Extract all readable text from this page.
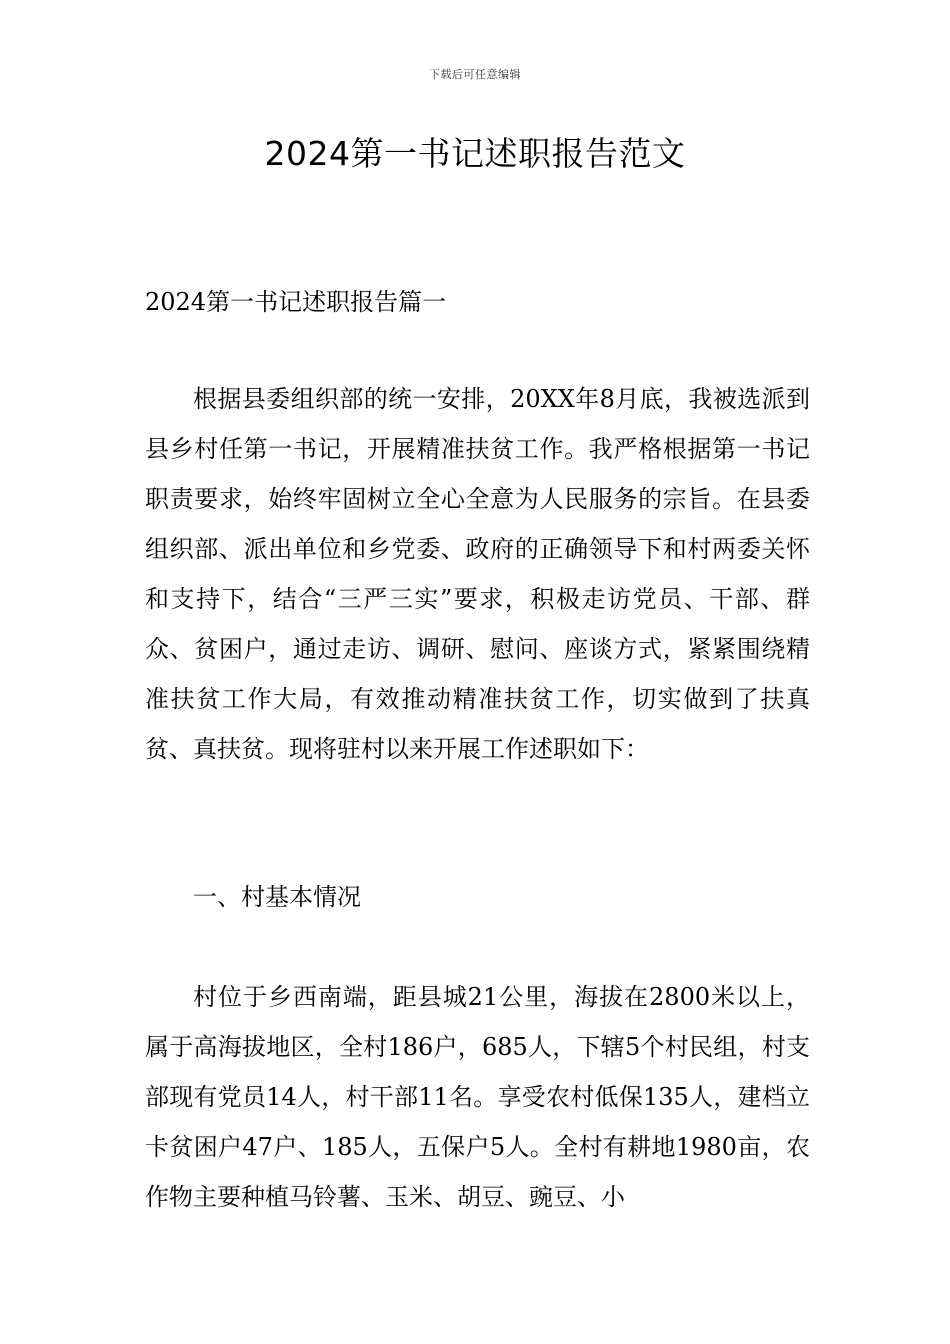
下载后可任意编辑
2024第一书记述职报告范文
2024第一书记述职报告篇一

根据县委组织部的统一安排，20XX年8月底，我被选派到县乡村任第一书记，开展精准扶贫工作。我严格根据第一书记职责要求，始终牢固树立全心全意为人民服务的宗旨。在县委组织部、派出单位和乡党委、政府的正确领导下和村两委关怀和支持下，结合“三严三实”要求，积极走访党员、干部、群众、贫困户，通过走访、调研、慰问、座谈方式，紧紧围绕精准扶贫工作大局，有效推动精准扶贫工作，切实做到了扶真贫、真扶贫。现将驻村以来开展工作述职如下：

一、村基本情况

村位于乡西南端，距县城21公里，海拔在2800米以上，属于高海拔地区，全村186户，685人，下辖5个村民组，村支部现有党员14人，村干部11名。享受农村低保135人，建档立卡贫困户47户、185人，五保户5人。全村有耕地1980亩，农作物主要种植马铃薯、玉米、胡豆、豌豆、小
